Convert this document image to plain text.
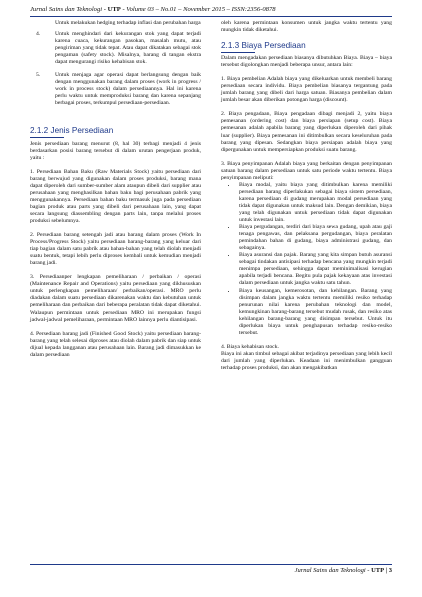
Jurnal Sains dan Teknologi - UTP - Volume 03 – No.01 – November 2015 – ISSN:2356-0878

Untuk melakukan hedging terhadap inflasi dan perubahan harga

4.	Untuk menghindari dari kekurangan stok yang dapat terjadi karena cuaca, kekurangan pasokan, masalah mutu, atau pengiriman yang tidak tepat. Atau dapat dikatakan sebagai stok pengaman (safety stock). Misalnya, barang di tangan ekstra dapat mengurangi risiko kehabisan stok.
5.	Untuk menjaga agar operasi dapat berlangsung dengan baik dengan menggunakan barang dalam proses (work in progress / work in process stock) dalam persediaannya. Hal ini karena perlu waktu untuk memproduksi barang dan karena sepanjang berbagai proses, terkumpul persediaan-persediaan.
2.1.2 Jenis Persediaan

Jenis persediaan barang menurut (8, hal 30) terbagi menjadi 4 jenis berdasarkan posisi barang tersebut di dalam urutan pengerjaan produk, yaitu :

1. Persediaan Bahan Baku (Raw Materials Stock) yaitu persediaan dari barang berwujud yang digunakan dalam proses produksi, barang mana dapat diperoleh dari sumber-sumber alam ataupun dibeli dari supplier atau perusahaan yang menghasilkan bahan baku bagi perusahaan pabrik yang menggunakannya. Persediaan bahan baku termasuk juga pada persediaan bagian produk atau parts yang dibeli dari perusahaan lain, yang dapat secara langsung diassembling dengan parts lain, tanpa melalui proses produksi sebelumnya.

2. Persediaan barang setengah jadi atau barang dalam proses (Work In Process/Progress Stock) yaitu persediaan barang-barang yang keluar dari tiap bagian dalam satu pabrik atau bahan-bahan yang telah diolah menjadi suatu bentuk, tetapi lebih perlu diproses kembali untuk kemudian menjadi barang jadi.

3. Persediaanper lengkapan pemeliharaan / perbaikan / operasi (Maintenance Repair and Operations) yaitu persediaan yang dikhususkan untuk perlengkapan pemeliharaan/ perbaikan/operasi. MRO perlu diadakan dalam suatu persediaan dikarenakan waktu dan kebutuhan untuk pemeliharaan dan perbaikan dari beberapa peralatan tidak dapat diketahui. Walaupun permintaan untuk persediaan MRO ini merupakan fungsi jadwal-jadwal pemeliharaan, permintaan MRO lainnya perlu diantisipasi.

4. Persediaan barang jadi (Finished Good Stock) yaitu persediaan barang-barang yang telah selesai diproses atau diolah dalam pabrik dan siap untuk dijual kepada langganan atau perusahaan lain. Barang jadi dimasukkan ke dalam persediaan

oleh karena permintaan konsumen untuk jangka waktu tertentu yang mungkin tidak diketahui.

2.1.3 Biaya Persediaan

Dalam mengadakan persediaan biasanya dibutuhkan Biaya. Biaya – biaya tersebut digolongkan menjadi beberapa unsur, antara lain:

1. Biaya pembelian Adalah biaya yang dikeluarkan untuk membeli barang persediaan secara individu. Biaya pembelian biasanya tergantung pada jumlah barang yang dibeli dari harga satuan. Biasanya pembelian dalam jumlah besar akan diberikan potongan harga (discount).

2. Biaya pengadaan, Biaya pengadaan dibagi menjadi 2, yaitu biaya pemesanan (ordering cost) dan biaya persiapan (setup cost). Biaya pemesanan adalah apabila barang yang diperlukan diperoleh dari pihak luar (supplier). Biaya pemesanan ini ditimbulkan secara keseluruhan pada barang yang dipesan. Sedangkan biaya persiapan adalah biaya yang dipergunakan untuk mempersiapkan produksi suatu barang.

3. Biaya penyimpanan Adalah biaya yang berkaitan dengan penyimpanan satuan barang dalam persediaan untuk satu periode waktu tertentu. Biaya penyimpanan meliputi:

• Biaya modal, yaitu biaya yang ditimbulkan karena memiliki persediaan barang diperlakukan sebagai biaya sistem persediaan, karena persediaan di gudang merupakan modal persediaan yang tidak dapat digunakan untuk maksud lain. Dengan demikian, biaya yang telah digunakan untuk persediaan tidak dapat digunakan untuk investasi lain.
• Biaya pergudangan, terdiri dari biaya sewa gudang, upah atau gaji tenaga pengawas, dan pelaksana pergudangan, biaya peralatan pemindahan bahan di gudang, biaya administrasi gudang, dan sebagainya.
• Biaya asuransi dan pajak. Barang yang kita simpan butuh asuransi sebagai tindakan antisipasi terhadap bencana yang mungkin terjadi menimpa persediaan, sehingga dapat meminimalisasi kerugian apabila terjadi bencana. Begitu pula pajak kekayaan atas investasi dalam persediaan untuk jangka waktu satu tahun.
• Biaya keusangan, kemerosotan, dan kehilangan. Barang yang disimpan dalam jangka waktu tertentu memiliki resiko terhadap penurunan nilai karena perubahan teknologi dan model, kemungkinan barang-barang tersebut mudah rusak, dan resiko atas kehilangan barang-barang yang disimpan tersebut. Untuk itu diperlukan biaya untuk penghapusan terhadap resiko-resiko tersebut.

4. Biaya kehabisan stock.

Biaya ini akan timbul sebagai akibat terjadinya persediaan yang lebih kecil dari jumlah yang diperlukan. Keadaan ini menimbulkan gangguan terhadap proses produksi, dan akan mengakibatkan

Jurnal Sains dan Teknologi - UTP | 3
